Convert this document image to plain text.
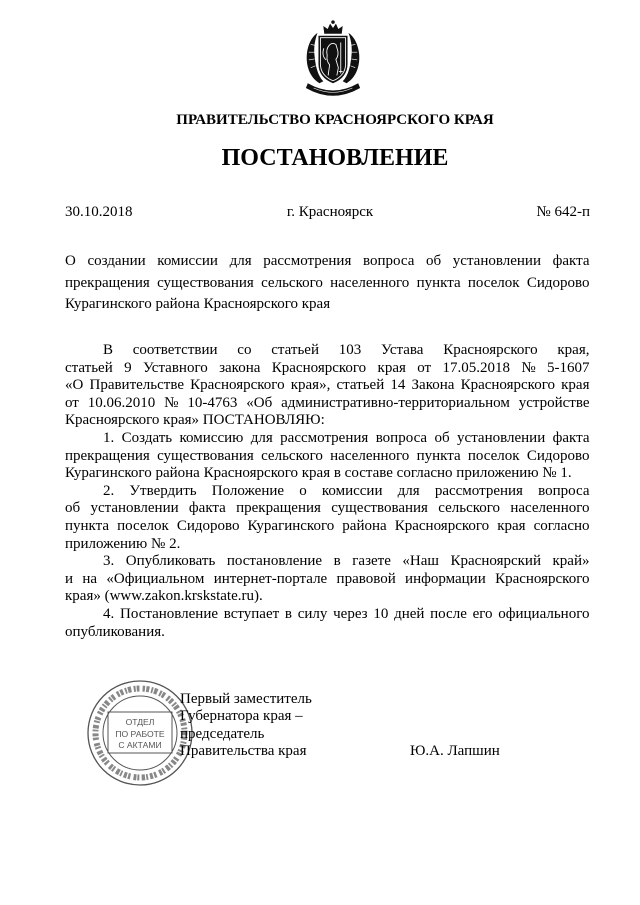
ПРАВИТЕЛЬСТВО КРАСНОЯРСКОГО КРАЯ
ПОСТАНОВЛЕНИЕ
30.10.2018	г. Красноярск	№ 642-п
О создании комиссии для рассмотрения вопроса об установлении факта
прекращения существования сельского населенного пункта поселок Сидорово
Курагинского района Красноярского края
В соответствии со статьей 103 Устава Красноярского края,
статьей 9 Уставного закона Красноярского края от 17.05.2018 № 5-1607
«О Правительстве Красноярского края», статьей 14 Закона Красноярского края
от 10.06.2010 № 10-4763 «Об административно-территориальном устройстве
Красноярского края» ПОСТАНОВЛЯЮ:
1. Создать комиссию для рассмотрения вопроса об установлении факта
прекращения существования сельского населенного пункта поселок Сидорово
Курагинского района Красноярского края в составе согласно приложению № 1.
2. Утвердить Положение о комиссии для рассмотрения вопроса
об установлении факта прекращения существования сельского населенного
пункта поселок Сидорово Курагинского района Красноярского края согласно
приложению № 2.
3. Опубликовать постановление в газете «Наш Красноярский край»
и на «Официальном интернет-портале правовой информации Красноярского
края» (www.zakon.krskstate.ru).
4. Постановление вступает в силу через 10 дней после его официального
опубликования.
ОТДЕЛ
ПО РАБОТЕ
С АКТАМИ
Первый заместитель
Губернатора края –
председатель
Правительства края	Ю.А. Лапшин
